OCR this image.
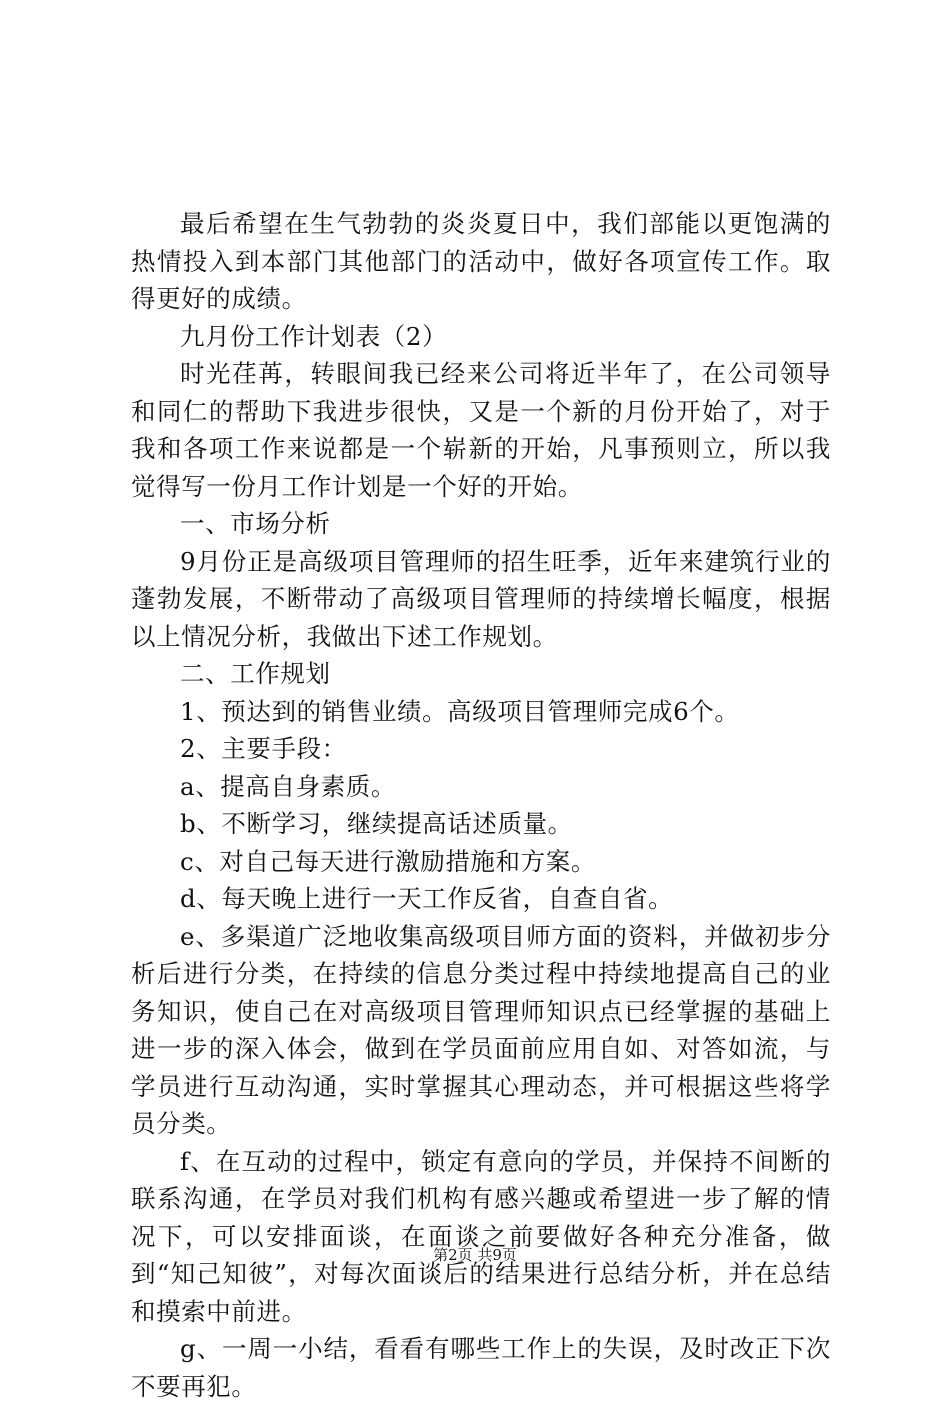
最后希望在生气勃勃的炎炎夏日中，我们部能以更饱满的热情投入到本部门其他部门的活动中，做好各项宣传工作。取得更好的成绩。

九月份工作计划表（2）

时光荏苒，转眼间我已经来公司将近半年了，在公司领导和同仁的帮助下我进步很快，又是一个新的月份开始了，对于我和各项工作来说都是一个崭新的开始，凡事预则立，所以我觉得写一份月工作计划是一个好的开始。

一、市场分析

9月份正是高级项目管理师的招生旺季，近年来建筑行业的蓬勃发展，不断带动了高级项目管理师的持续增长幅度，根据以上情况分析，我做出下述工作规划。

二、工作规划

1、预达到的销售业绩。高级项目管理师完成6个。

2、主要手段：

a、提高自身素质。

b、不断学习，继续提高话述质量。

c、对自己每天进行激励措施和方案。

d、每天晚上进行一天工作反省，自查自省。

e、多渠道广泛地收集高级项目师方面的资料，并做初步分析后进行分类，在持续的信息分类过程中持续地提高自己的业务知识，使自己在对高级项目管理师知识点已经掌握的基础上进一步的深入体会，做到在学员面前应用自如、对答如流，与学员进行互动沟通，实时掌握其心理动态，并可根据这些将学员分类。

f、在互动的过程中，锁定有意向的学员，并保持不间断的联系沟通，在学员对我们机构有感兴趣或希望进一步了解的情况下，可以安排面谈，在面谈之前要做好各种充分准备，做到“知己知彼”，对每次面谈后的结果进行总结分析，并在总结和摸索中前进。

g、一周一小结，看看有哪些工作上的失误，及时改正下次不要再犯。

第2页 共9页
